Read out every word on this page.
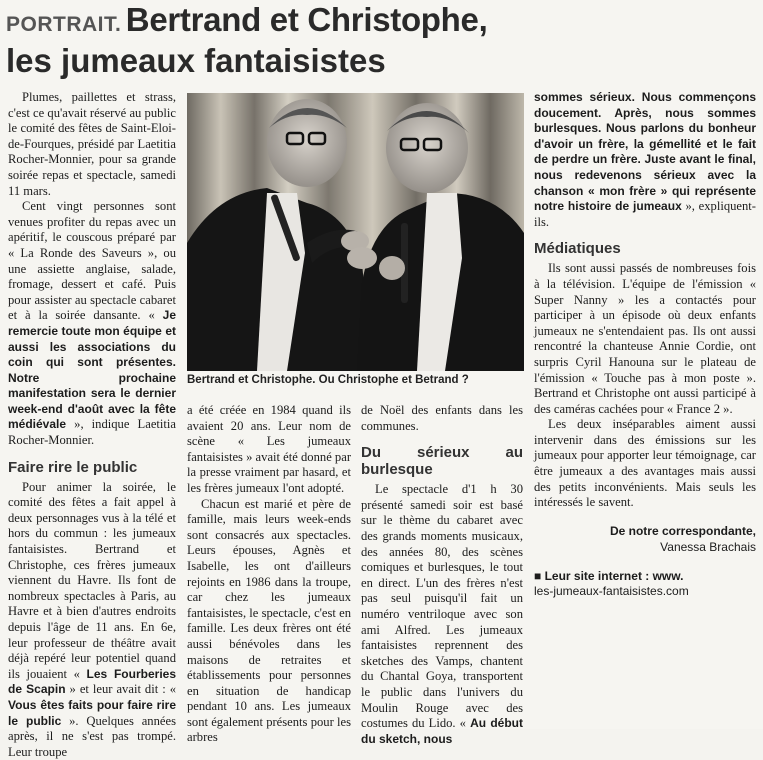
PORTRAIT. Bertrand et Christophe,
les jumeaux fantaisistes

Plumes, paillettes et strass, c'est ce qu'avait réservé au public le comité des fêtes de Saint-Eloi-de-Fourques, présidé par Laetitia Rocher-Monnier, pour sa grande soirée repas et spectacle, samedi 11 mars.

Cent vingt personnes sont venues profiter du repas avec un apéritif, le couscous préparé par « La Ronde des Saveurs », ou une assiette anglaise, salade, fromage, dessert et café. Puis pour assister au spectacle cabaret et à la soirée dansante. « Je remercie toute mon équipe et aussi les associations du coin qui sont présentes. Notre prochaine manifestation sera le dernier week-end d'août avec la fête médiévale », indique Laetitia Rocher-Monnier.

Faire rire le public

Pour animer la soirée, le comité des fêtes a fait appel à deux personnages vus à la télé et hors du commun : les jumeaux fantaisistes. Bertrand et Christophe, ces frères jumeaux viennent du Havre. Ils font de nombreux spectacles à Paris, au Havre et à bien d'autres endroits depuis l'âge de 11 ans. En 6e, leur professeur de théâtre avait déjà repéré leur potentiel quand ils jouaient « Les Fourberies de Scapin » et leur avait dit : « Vous êtes faits pour faire rire le public ». Quelques années après, il ne s'est pas trompé. Leur troupe

Bertrand et Christophe. Ou Christophe et Betrand ?

a été créée en 1984 quand ils avaient 20 ans. Leur nom de scène « Les jumeaux fantaisistes » avait été donné par la presse vraiment par hasard, et les frères jumeaux l'ont adopté.

Chacun est marié et père de famille, mais leurs week-ends sont consacrés aux spectacles. Leurs épouses, Agnès et Isabelle, les ont d'ailleurs rejoints en 1986 dans la troupe, car chez les jumeaux fantaisistes, le spectacle, c'est en famille. Les deux frères ont été aussi bénévoles dans les maisons de retraites et établissements pour personnes en situation de handicap pendant 10 ans. Les jumeaux sont également présents pour les arbres

de Noël des enfants dans les communes.

Du sérieux au burlesque

Le spectacle d'1 h 30 présenté samedi soir est basé sur le thème du cabaret avec des grands moments musicaux, des années 80, des scènes comiques et burlesques, le tout en direct. L'un des frères n'est pas seul puisqu'il fait un numéro ventriloque avec son ami Alfred. Les jumeaux fantaisistes reprennent des sketches des Vamps, chantent du Chantal Goya, transportent le public dans l'univers du Moulin Rouge avec des costumes du Lido. « Au début du sketch, nous

sommes sérieux. Nous commençons doucement. Après, nous sommes burlesques. Nous parlons du bonheur d'avoir un frère, la gémellité et le fait de perdre un frère. Juste avant le final, nous redevenons sérieux avec la chanson « mon frère » qui représente notre histoire de jumeaux », expliquent-ils.

Médiatiques

Ils sont aussi passés de nombreuses fois à la télévision. L'équipe de l'émission « Super Nanny » les a contactés pour participer à un épisode où deux enfants jumeaux ne s'entendaient pas. Ils ont aussi rencontré la chanteuse Annie Cordie, ont surpris Cyril Hanouna sur le plateau de l'émission « Touche pas à mon poste ». Bertrand et Christophe ont aussi participé à des caméras cachées pour « France 2 ».

Les deux inséparables aiment aussi intervenir dans des émissions sur les jumeaux pour apporter leur témoignage, car être jumeaux a des avantages mais aussi des petits inconvénients. Mais seuls les intéressés le savent.

De notre correspondante,
Vanessa Brachais

■ Leur site internet : www.
les-jumeaux-fantaisistes.com
